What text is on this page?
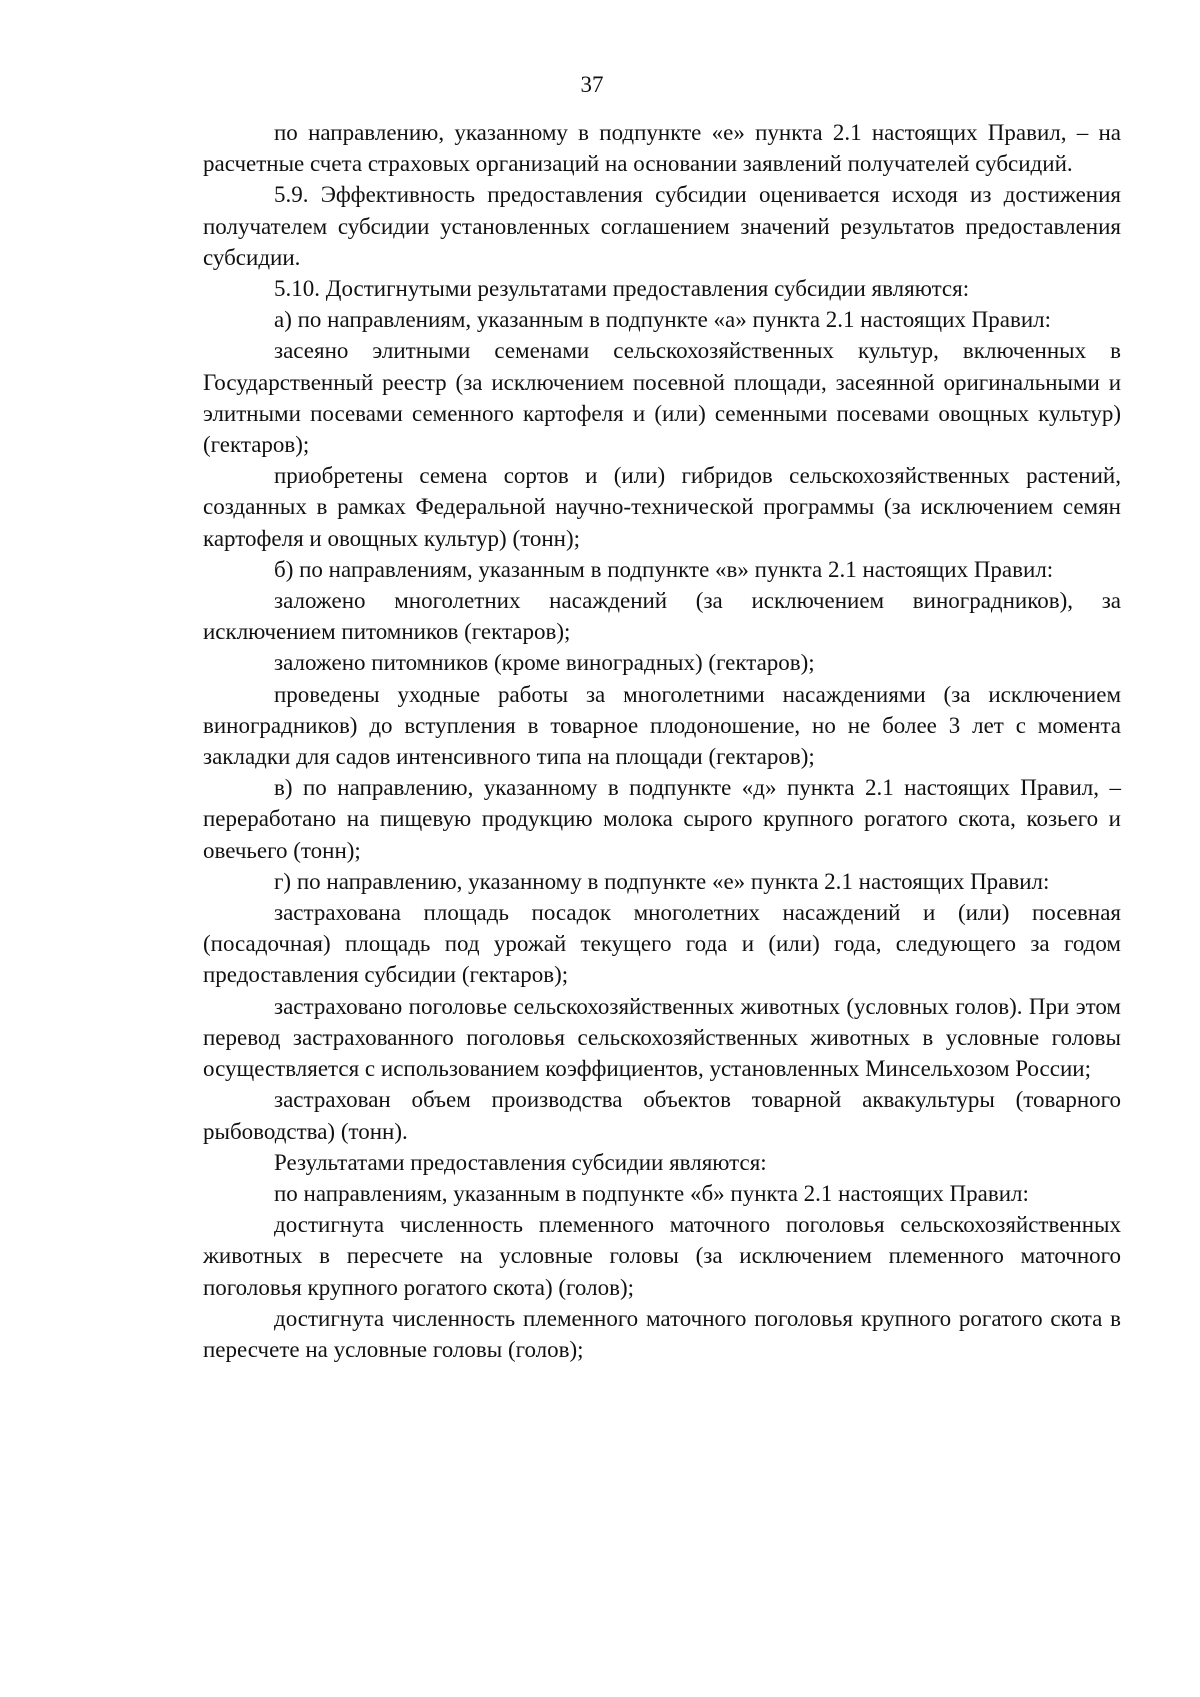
37

по направлению, указанному в подпункте «е» пункта 2.1 настоящих Правил, – на расчетные счета страховых организаций на основании заявлений получателей субсидий.

5.9. Эффективность предоставления субсидии оценивается исходя из достижения получателем субсидии установленных соглашением значений результатов предоставления субсидии.

5.10. Достигнутыми результатами предоставления субсидии являются:

а) по направлениям, указанным в подпункте «а» пункта 2.1 настоящих Правил:

засеяно элитными семенами сельскохозяйственных культур, включенных в Государственный реестр (за исключением посевной площади, засеянной оригинальными и элитными посевами семенного картофеля и (или) семенными посевами овощных культур) (гектаров);

приобретены семена сортов и (или) гибридов сельскохозяйственных растений, созданных в рамках Федеральной научно-технической программы (за исключением семян картофеля и овощных культур) (тонн);

б) по направлениям, указанным в подпункте «в» пункта 2.1 настоящих Правил:

заложено многолетних насаждений (за исключением виноградников), за исключением питомников (гектаров);

заложено питомников (кроме виноградных) (гектаров);

проведены уходные работы за многолетними насаждениями (за исключением виноградников) до вступления в товарное плодоношение, но не более 3 лет с момента закладки для садов интенсивного типа на площади (гектаров);

в) по направлению, указанному в подпункте «д» пункта 2.1 настоящих Правил, – переработано на пищевую продукцию молока сырого крупного рогатого скота, козьего и овечьего (тонн);

г) по направлению, указанному в подпункте «е» пункта 2.1 настоящих Правил:

застрахована площадь посадок многолетних насаждений и (или) посевная (посадочная) площадь под урожай текущего года и (или) года, следующего за годом предоставления субсидии (гектаров);

застраховано поголовье сельскохозяйственных животных (условных голов). При этом перевод застрахованного поголовья сельскохозяйственных животных в условные головы осуществляется с использованием коэффициентов, установленных Минсельхозом России;

застрахован объем производства объектов товарной аквакультуры (товарного рыбоводства) (тонн).

Результатами предоставления субсидии являются:

по направлениям, указанным в подпункте «б» пункта 2.1 настоящих Правил:

достигнута численность племенного маточного поголовья сельскохозяйственных животных в пересчете на условные головы (за исключением племенного маточного поголовья крупного рогатого скота) (голов);

достигнута численность племенного маточного поголовья крупного рогатого скота в пересчете на условные головы (голов);
